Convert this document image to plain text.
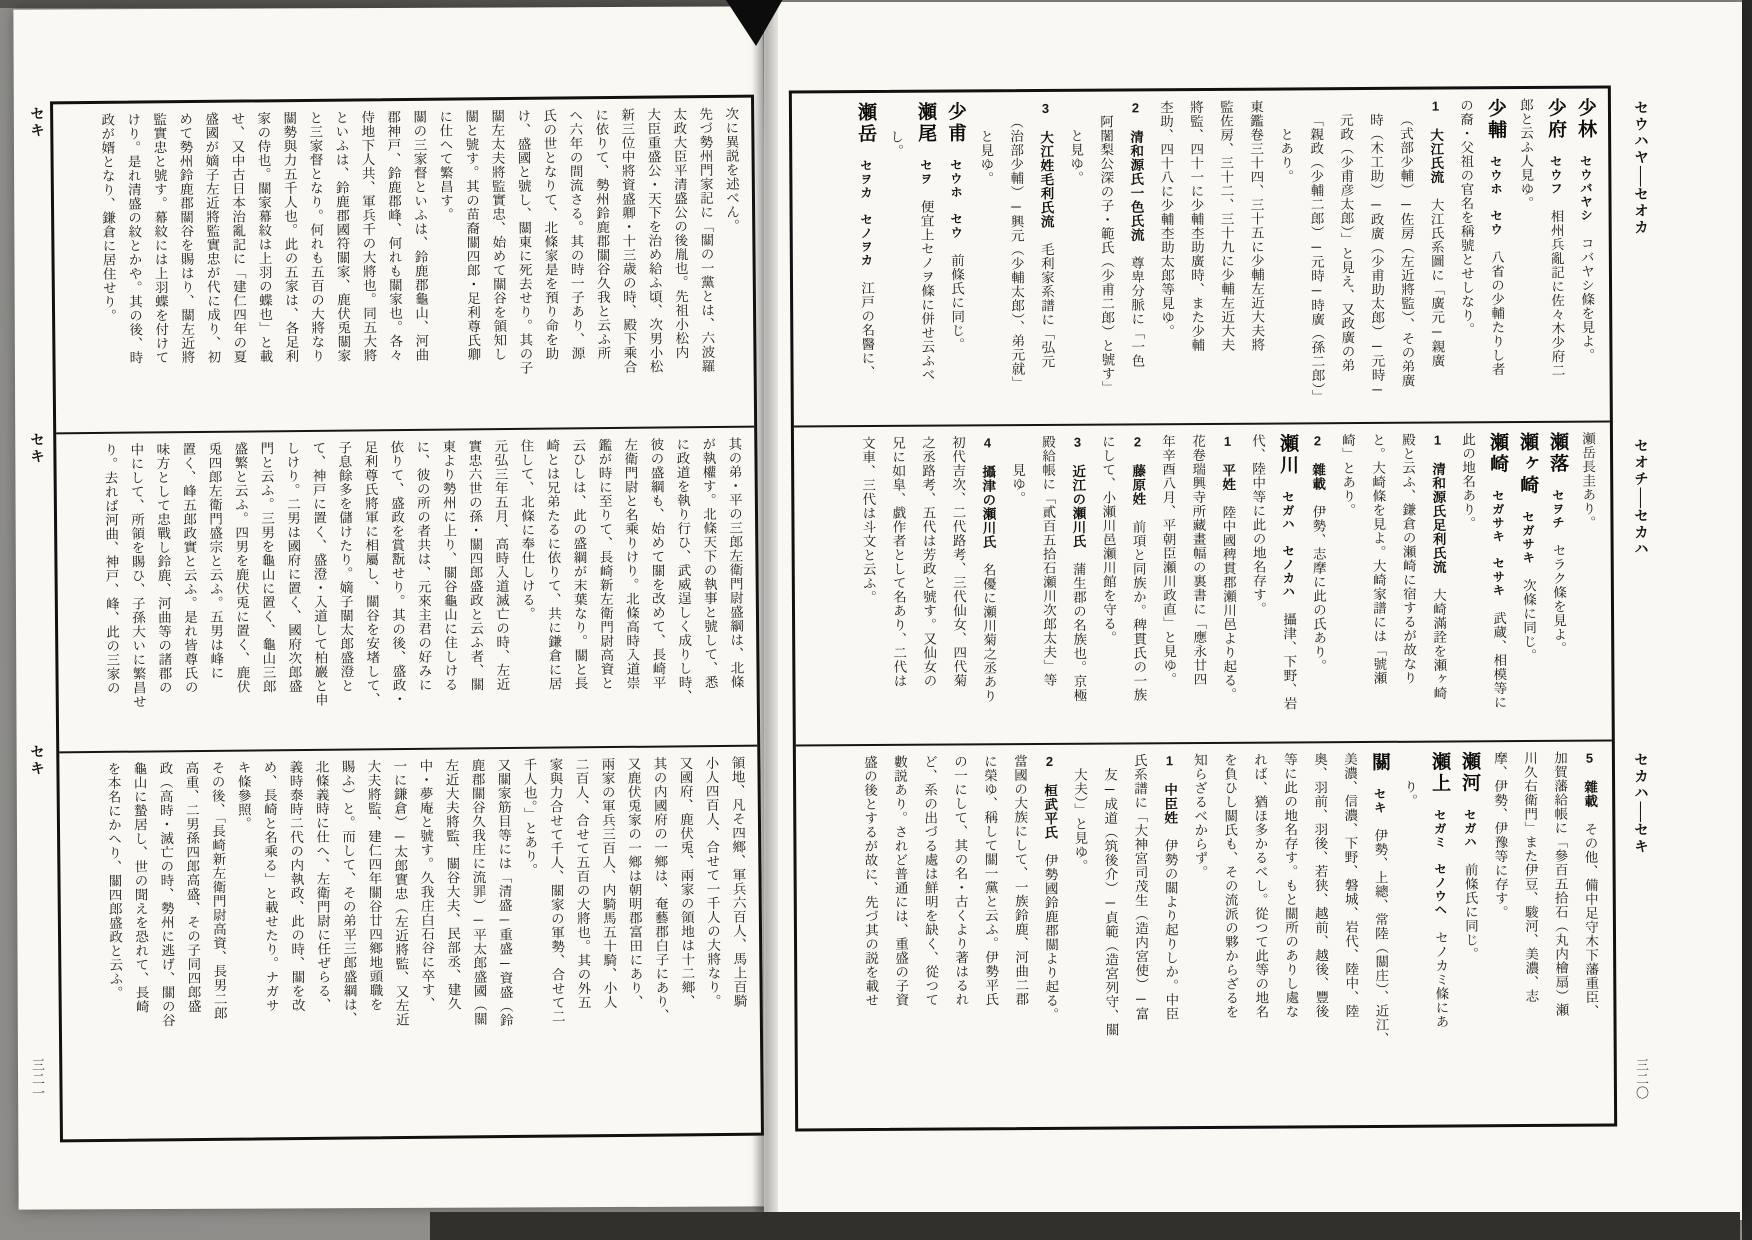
少林　セウバヤシ　コバヤシ條を見よ。
少府　セウフ　相州兵亂記に佐々木少府二
郎と云ふ人見ゆ。
少輔　セウホ　セウ　八省の少輔たりし者
の裔・父祖の官名を稱號とせしなり。
1　大江氏流　大江氏系圖に「廣元─親廣
（式部少輔）─佐房（左近將監）、その弟廣
時（木工助）─政廣（少甫助太郎）─元時─
元政（少甫彦太郎）」と見え、又政廣の弟
「親政（少輔二郎）─元時─時廣（孫二郎）」
とあり。
東鑑卷三十四、三十五に少輔左近大夫將
監佐房、三十二、三十九に少輔左近大夫
將監、四十一に少輔杢助廣時、また少輔
杢助、四十八に少輔杢助太郎等見ゆ。
2　清和源氏一色氏流　尊卑分脈に「一色
阿闍梨公深の子・範氏（少甫二郎）と號す」
と見ゆ。
3　大江姓毛利氏流　毛利家系譜に「弘元
（治部少輔）─興元（少輔太郎）、弟元就」
と見ゆ。
少甫　セウホ　セウ　前條氏に同じ。
瀬尾　セヲ　便宜上セノヲ條に併せ云ふべ
し。
瀬岳　セヲカ　セノヲカ　江戸の名醫に、
瀬岳長圭あり。
瀬落　セヲチ　セラク條を見よ。
瀬ヶ崎　セガサキ　次條に同じ。
瀬崎　セガサキ　セサキ　武蔵、相模等に
此の地名あり。
1　清和源氏足利氏流　大崎滿詮を瀬ヶ崎
殿と云ふ、鎌倉の瀬崎に宿するが故なり
と。大崎條を見よ。大崎家譜には「號瀬
崎」とあり。
2　雜載　伊勢、志摩に此の氏あり。
瀬川　セガハ　セノカハ　攝津、下野、岩
代、陸中等に此の地名存す。
1　平姓　陸中國稗貫郡瀬川邑より起る。
花卷瑞興寺所藏畫幅の裏書に「應永廿四
年辛酉八月、平朝臣瀬川政直」と見ゆ。
2　藤原姓　前項と同族か。稗貫氏の一族
にして、小瀬川邑瀬川館を守る。
3　近江の瀬川氏　蒲生郡の名族也。京極
殿給帳に「貳百五拾石瀬川次郎太夫」等
見ゆ。
4　攝津の瀬川氏　名優に瀬川菊之丞あり
初代吉次、二代路考、三代仙女、四代菊
之丞路考、五代は芳政と號す。又仙女の
兄に如皐、戯作者として名あり、二代は
文車、三代は斗文と云ふ。
5　雜載　その他、備中足守木下藩重臣、
加賀藩給帳に「參百五拾石（丸内檜扇）瀬
川久右衛門」また伊豆、駿河、美濃、志
摩、伊勢、伊豫等に存す。
瀬河　セガハ　前條氏に同じ。
瀬上　セガミ　セノウヘ　セノカミ條にあ
り。
關　セキ　伊勢、上總、常陸（關庄）、近江、
美濃、信濃、下野、磐城、岩代、陸中、陸
奥、羽前、羽後、若狭、越前、越後、豐後
等に此の地名存す。もと關所のありし處な
れば、猶ほ多かるべし。從つて此等の地名
を負ひし關氏も、その流派の夥からざるを
知らざるべからず。
1　中臣姓　伊勢の關より起りしか。中臣
氏系譜に「大神宮司茂生（造内宮使）─富
友─成道（筑後介）─貞範（造宮列守、關
大夫）」と見ゆ。
2　桓武平氏　伊勢國鈴鹿郡關より起る。
當國の大族にして、一族鈴鹿、河曲二郡
に榮ゆ、稱して關一黨と云ふ。伊勢平氏
の一にして、其の名・古くより著はるれ
ど、系の出づる處は鮮明を缺く、從つて
數説あり。されど普通には、重盛の子資
盛の後とするが故に、先づ其の説を載せ
セウハヤ──セオカ
セオチ──セカハ
セカハ──セキ
三二〇
次に異説を述べん。
先づ勢州門家記に「關の一黨とは、六波羅
太政大臣平清盛公の後胤也。先祖小松内
大臣重盛公・天下を治め給ふ頃、次男小松
新三位中將資盛卿・十三歳の時、殿下乘合
に依りて、勢州鈴鹿郡關谷久我と云ふ所
へ六年の間流さる。其の時一子あり、源
氏の世となりて、北條家是を預り命を助
け、盛國と號し、關東に死去せり。其の子
關左太夫將監實忠、始めて關谷を領知し
關と號す。其の苗裔關四郎・足利尊氏卿
に仕へて繁昌す。
關の三家督といふは、鈴鹿郡龜山、河曲
郡神戸、鈴鹿郡峰、何れも關家也。各々
侍地下人共、軍兵千の大將也。同五大將
といふは、鈴鹿郡國符關家、鹿伏兎關家
と三家督となり。何れも五百の大將なり
關勢與力五千人也。此の五家は、各足利
家の侍也。關家幕紋は上羽の蝶也」と載
せ、又中古日本治亂記に「建仁四年の夏
盛國が嫡子左近將監實忠が代に成り、初
めて勢州鈴鹿郡關谷を賜はり、關左近將
監實忠と號す。幕紋には上羽蝶を付けて
けり。是れ清盛の紋とかや。其の後、時
政が婿となり、鎌倉に居住せり。
其の弟・平の三郎左衛門尉盛綱は、北條
が執權す。北條天下の執事と號して、悉
に政道を執り行ひ、武威逞しく成りし時、
彼の盛綱も、始めて關を改めて、長崎平
左衛門尉と名乘りけり。北條高時入道崇
鑑が時に至りて、長崎新左衛門尉高資と
云ひしは、此の盛綱が末葉なり。關と長
崎とは兄弟たるに依りて、共に鎌倉に居
住して、北條に奉仕しける。
元弘三年五月、高時入道滅亡の時、左近
實忠六世の孫・關四郎盛政と云ふ者、關
東より勢州に上り、關谷龜山に住しける
に、彼の所の者共は、元來主君の好みに
依りて、盛政を賞翫せり。其の後、盛政・
足利尊氏將軍に相屬し、關谷を安堵して、
子息餘多を儲けたり。嫡子關太郎盛澄と
て、神戸に置く、盛澄・入道して柏巖と申
しけり。二男は國府に置く、國府次郎盛
門と云ふ。三男を龜山に置く、龜山三郎
盛繁と云ふ。四男を鹿伏兎に置く、鹿伏
兎四郎左衛門盛宗と云ふ。五男は峰に
置く、峰五郎政實と云ふ。是れ皆尊氏の
味方として忠戰し鈴鹿、河曲等の諸郡の
中にして、所領を賜ひ、子孫大いに繁昌せ
り。去れば河曲、神戸、峰、此の三家の
領地、凡そ四鄉、軍兵六百人、馬上百騎
小人四百人、合せて一千人の大將なり。
又國府、鹿伏兎、兩家の領地は十二鄉、
其の内國府の一鄉は、奄藝郡白子にあり、
又鹿伏兎家の一鄉は朝明郡富田にあり、
兩家の軍兵三百人、内騎馬五十騎、小人
二百人、合せて五百の大將也。其の外五
家與力合せて千人、關家の軍勢、合せて二
千人也。」とあり。
又關家筋目等には「清盛─重盛─資盛（鈴
鹿郡關谷久我庄に流罪）─平太郎盛國（關
左近大夫將監、關谷大夫、民部丞、建久
中・夢庵と號す。久我庄白石谷に卒す、
一に鎌倉）─太郎實忠（左近將監、又左近
大夫將監、建仁四年關谷廿四鄉地頭職を
賜ふ）と。而して、その弟平三郎盛綱は、
北條義時に仕へ、左衛門尉に任ぜらる、
義時泰時二代の内執政、此の時、關を改
め、長崎と名乘る」と載せたり。ナガサ
キ條參照。
その後、「長崎新左衛門尉高資、長男二郎
高重、二男孫四郎高盛、その子同四郎盛
政（高時・滅亡の時、勢州に逃げ、關の谷
龜山に蟄居し、世の聞えを恐れて、長崎
を本名にかへり、關四郎盛政と云ふ。
セキ
セキ
セキ
三二一
